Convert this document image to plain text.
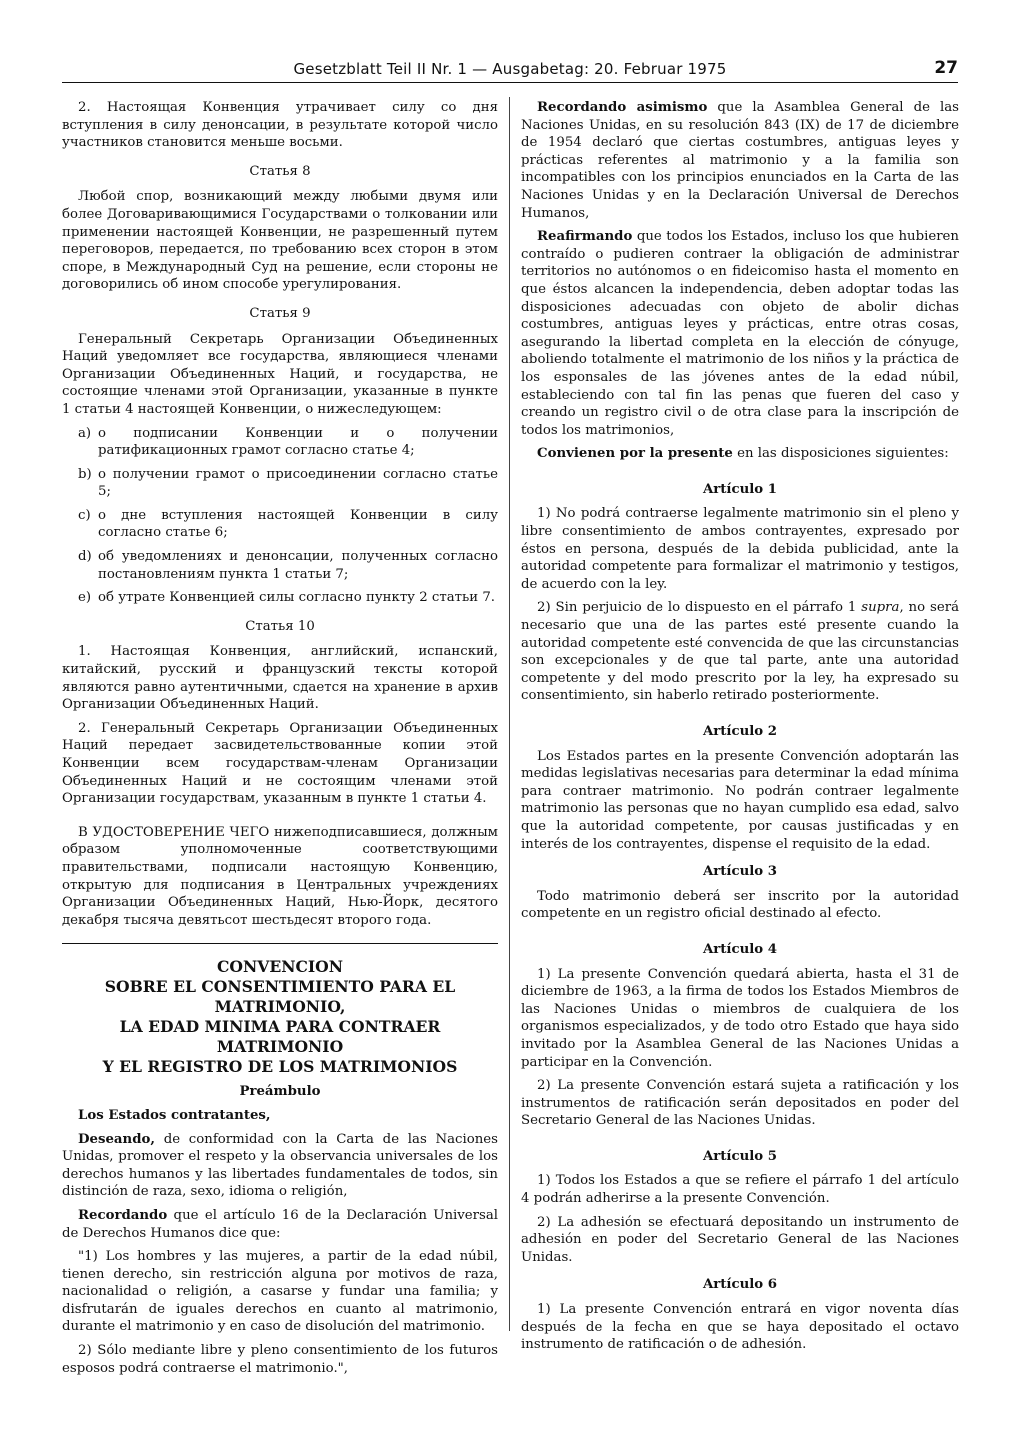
Gesetzblatt Teil II Nr. 1 — Ausgabetag: 20. Februar 1975	27

2. Настоящая Конвенция утрачивает силу со дня вступления в силу денонсации, в результате которой число участников становится меньше восьми.

Статья 8

Любой спор, возникающий между любыми двумя или более Договаривающимися Государствами о толковании или применении настоящей Конвенции, не разрешенный путем переговоров, передается, по требованию всех сторон в этом споре, в Международный Суд на решение, если стороны не договорились об ином способе урегулирования.

Статья 9

Генеральный Секретарь Организации Объединенных Наций уведомляет все государства, являющиеся членами Организации Объединенных Наций, и государства, не состоящие членами этой Организации, указанные в пункте 1 статьи 4 настоящей Конвенции, о нижеследующем:

a) о подписании Конвенции и о получении ратификационных грамот согласно статье 4;
b) о получении грамот о присоединении согласно статье 5;
c) о дне вступления настоящей Конвенции в силу согласно статье 6;
d) об уведомлениях и денонсации, полученных согласно постановлениям пункта 1 статьи 7;
e) об утрате Конвенцией силы согласно пункту 2 статьи 7.
Статья 10

1. Настоящая Конвенция, английский, испанский, китайский, русский и французский тексты которой являются равно аутентичными, сдается на хранение в архив Организации Объединенных Наций.

2. Генеральный Секретарь Организации Объединенных Наций передает засвидетельствованные копии этой Конвенции всем государствам-членам Организации Объединенных Наций и не состоящим членами этой Организации государствам, указанным в пункте 1 статьи 4.

В УДОСТОВЕРЕНИЕ ЧЕГО нижеподписавшиеся, должным образом уполномоченные соответствующими правительствами, подписали настоящую Конвенцию, открытую для подписания в Центральных учреждениях Организации Объединенных Наций, Нью-Йорк, десятого декабря тысяча девятьсот шестьдесят второго года.

CONVENCION
SOBRE EL CONSENTIMIENTO PARA EL
MATRIMONIO,
LA EDAD MINIMA PARA CONTRAER MATRIMONIO
Y EL REGISTRO DE LOS MATRIMONIOS
Preámbulo

Los Estados contratantes,

Deseando, de conformidad con la Carta de las Naciones Unidas, promover el respeto y la observancia universales de los derechos humanos y las libertades fundamentales de todos, sin distinción de raza, sexo, idioma o religión,

Recordando que el artículo 16 de la Declaración Universal de Derechos Humanos dice que:

"1) Los hombres y las mujeres, a partir de la edad núbil, tienen derecho, sin restricción alguna por motivos de raza, nacionalidad o religión, a casarse y fundar una familia; y disfrutarán de iguales derechos en cuanto al matrimonio, durante el matrimonio y en caso de disolución del matrimonio.

2) Sólo mediante libre y pleno consentimiento de los futuros esposos podrá contraerse el matrimonio.",

Recordando asimismo que la Asamblea General de las Naciones Unidas, en su resolución 843 (IX) de 17 de diciembre de 1954 declaró que ciertas costumbres, antiguas leyes y prácticas referentes al matrimonio y a la familia son incompatibles con los principios enunciados en la Carta de las Naciones Unidas y en la Declaración Universal de Derechos Humanos,

Reafirmando que todos los Estados, incluso los que hubieren contraído o pudieren contraer la obligación de administrar territorios no autónomos o en fideicomiso hasta el momento en que éstos alcancen la independencia, deben adoptar todas las disposiciones adecuadas con objeto de abolir dichas costumbres, antiguas leyes y prácticas, entre otras cosas, asegurando la libertad completa en la elección de cónyuge, aboliendo totalmente el matrimonio de los niños y la práctica de los esponsales de las jóvenes antes de la edad núbil, estableciendo con tal fin las penas que fueren del caso y creando un registro civil o de otra clase para la inscripción de todos los matrimonios,

Convienen por la presente en las disposiciones siguientes:

Artículo 1

1) No podrá contraerse legalmente matrimonio sin el pleno y libre consentimiento de ambos contrayentes, expresado por éstos en persona, después de la debida publicidad, ante la autoridad competente para formalizar el matrimonio y testigos, de acuerdo con la ley.

2) Sin perjuicio de lo dispuesto en el párrafo 1 supra, no será necesario que una de las partes esté presente cuando la autoridad competente esté convencida de que las circunstancias son excepcionales y de que tal parte, ante una autoridad competente y del modo prescrito por la ley, ha expresado su consentimiento, sin haberlo retirado posteriormente.

Artículo 2

Los Estados partes en la presente Convención adoptarán las medidas legislativas necesarias para determinar la edad mínima para contraer matrimonio. No podrán contraer legalmente matrimonio las personas que no hayan cumplido esa edad, salvo que la autoridad competente, por causas justificadas y en interés de los contrayentes, dispense el requisito de la edad.

Artículo 3

Todo matrimonio deberá ser inscrito por la autoridad competente en un registro oficial destinado al efecto.

Artículo 4

1) La presente Convención quedará abierta, hasta el 31 de diciembre de 1963, a la firma de todos los Estados Miembros de las Naciones Unidas o miembros de cualquiera de los organismos especializados, y de todo otro Estado que haya sido invitado por la Asamblea General de las Naciones Unidas a participar en la Convención.

2) La presente Convención estará sujeta a ratificación y los instrumentos de ratificación serán depositados en poder del Secretario General de las Naciones Unidas.

Artículo 5

1) Todos los Estados a que se refiere el párrafo 1 del artículo 4 podrán adherirse a la presente Convención.

2) La adhesión se efectuará depositando un instrumento de adhesión en poder del Secretario General de las Naciones Unidas.

Artículo 6

1) La presente Convención entrará en vigor noventa días después de la fecha en que se haya depositado el octavo instrumento de ratificación o de adhesión.
